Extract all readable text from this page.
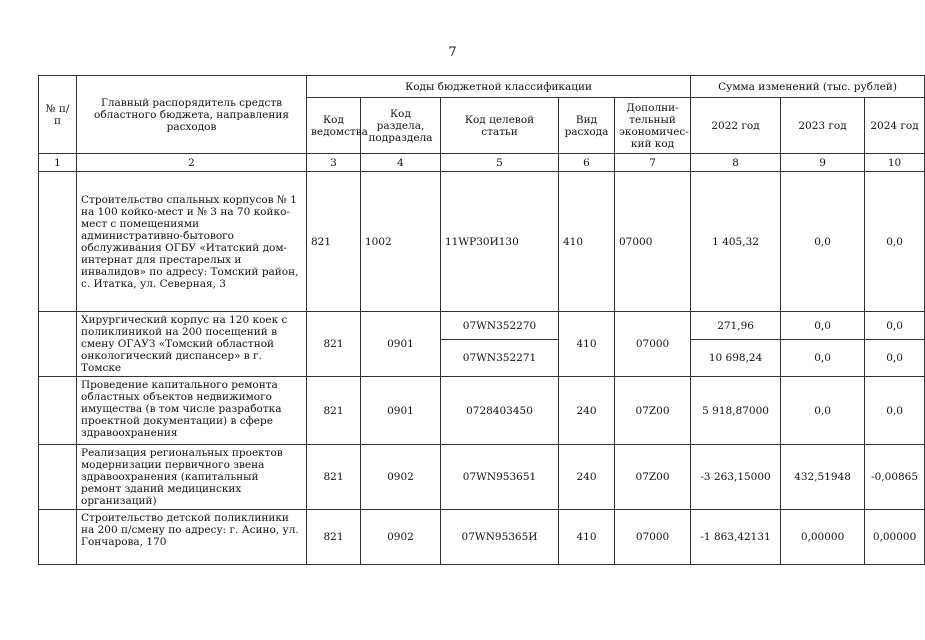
7
№ п/п	Главный распорядитель средств областного бюджета, направления расходов	Коды бюджетной классификации					Сумма изменений (тыс. рублей)		
		Код ведомства	Код раздела, подраздела	Код целевой статьи	Вид расхода	Дополни-тельный экономичес-кий код	2022 год	2023 год	2024 год
1	2	3	4	5	6	7	8	9	10
	Строительство спальных корпусов № 1 на 100 койко-мест и № 3 на 70 койко-мест с помещениями административно-бытового обслуживания ОГБУ «Итатский дом-интернат для престарелых и инвалидов» по адресу: Томский район, с. Итатка, ул. Северная, 3	821	1002	11WP30И130	410	07000	1 405,32	0,0	0,0
	Хирургический корпус на 120 коек с поликлиникой на 200 посещений в смену ОГАУЗ «Томский областной онкологический диспансер» в г. Томске	821	0901	07WN352270	410	07000	271,96	0,0	0,0
				07WN352271			10 698,24	0,0	0,0
	Проведение капитального ремонта областных объектов недвижимого имущества (в том числе разработка проектной документации) в сфере здравоохранения	821	0901	0728403450	240	07Z00	5 918,87000	0,0	0,0
	Реализация региональных проектов модернизации первичного звена здравоохранения (капитальный ремонт зданий медицинских организаций)	821	0902	07WN953651	240	07Z00	-3 263,15000	432,51948	-0,00865
	Строительство детской поликлиники на 200 п/смену по адресу: г. Асино, ул. Гончарова, 170	821	0902	07WN95365И	410	07000	-1 863,42131	0,00000	0,00000
